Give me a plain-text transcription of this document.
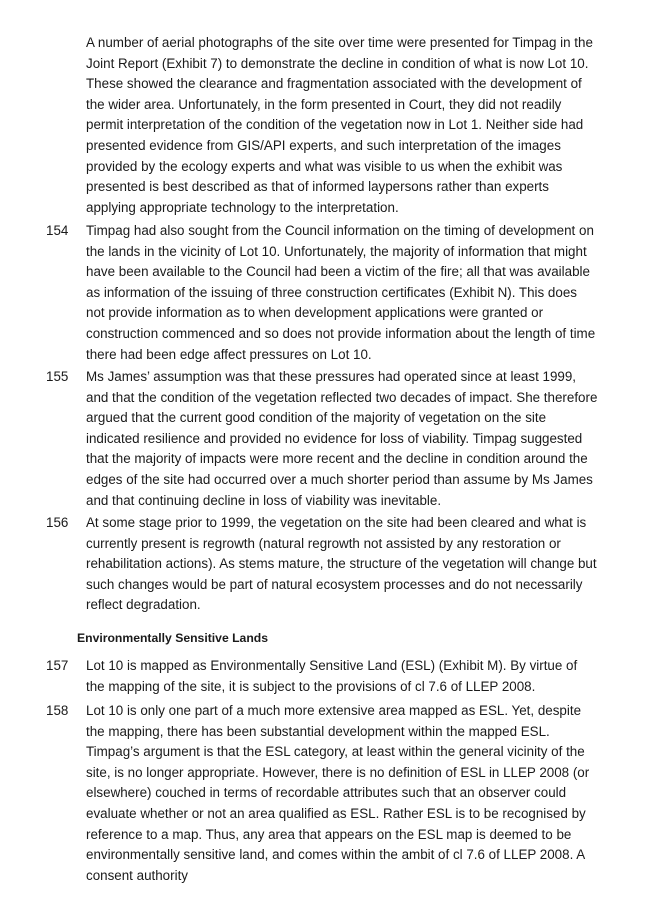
A number of aerial photographs of the site over time were presented for Timpag in the Joint Report (Exhibit 7) to demonstrate the decline in condition of what is now Lot 10. These showed the clearance and fragmentation associated with the development of the wider area. Unfortunately, in the form presented in Court, they did not readily permit interpretation of the condition of the vegetation now in Lot 1. Neither side had presented evidence from GIS/API experts, and such interpretation of the images provided by the ecology experts and what was visible to us when the exhibit was presented is best described as that of informed laypersons rather than experts applying appropriate technology to the interpretation.

154 Timpag had also sought from the Council information on the timing of development on the lands in the vicinity of Lot 10. Unfortunately, the majority of information that might have been available to the Council had been a victim of the fire; all that was available as information of the issuing of three construction certificates (Exhibit N). This does not provide information as to when development applications were granted or construction commenced and so does not provide information about the length of time there had been edge affect pressures on Lot 10.

155 Ms James’ assumption was that these pressures had operated since at least 1999, and that the condition of the vegetation reflected two decades of impact. She therefore argued that the current good condition of the majority of vegetation on the site indicated resilience and provided no evidence for loss of viability. Timpag suggested that the majority of impacts were more recent and the decline in condition around the edges of the site had occurred over a much shorter period than assume by Ms James and that continuing decline in loss of viability was inevitable.

156 At some stage prior to 1999, the vegetation on the site had been cleared and what is currently present is regrowth (natural regrowth not assisted by any restoration or rehabilitation actions). As stems mature, the structure of the vegetation will change but such changes would be part of natural ecosystem processes and do not necessarily reflect degradation.

Environmentally Sensitive Lands

157 Lot 10 is mapped as Environmentally Sensitive Land (ESL) (Exhibit M). By virtue of the mapping of the site, it is subject to the provisions of cl 7.6 of LLEP 2008.

158 Lot 10 is only one part of a much more extensive area mapped as ESL. Yet, despite the mapping, there has been substantial development within the mapped ESL. Timpag’s argument is that the ESL category, at least within the general vicinity of the site, is no longer appropriate. However, there is no definition of ESL in LLEP 2008 (or elsewhere) couched in terms of recordable attributes such that an observer could evaluate whether or not an area qualified as ESL. Rather ESL is to be recognised by reference to a map. Thus, any area that appears on the ESL map is deemed to be environmentally sensitive land, and comes within the ambit of cl 7.6 of LLEP 2008. A consent authority
